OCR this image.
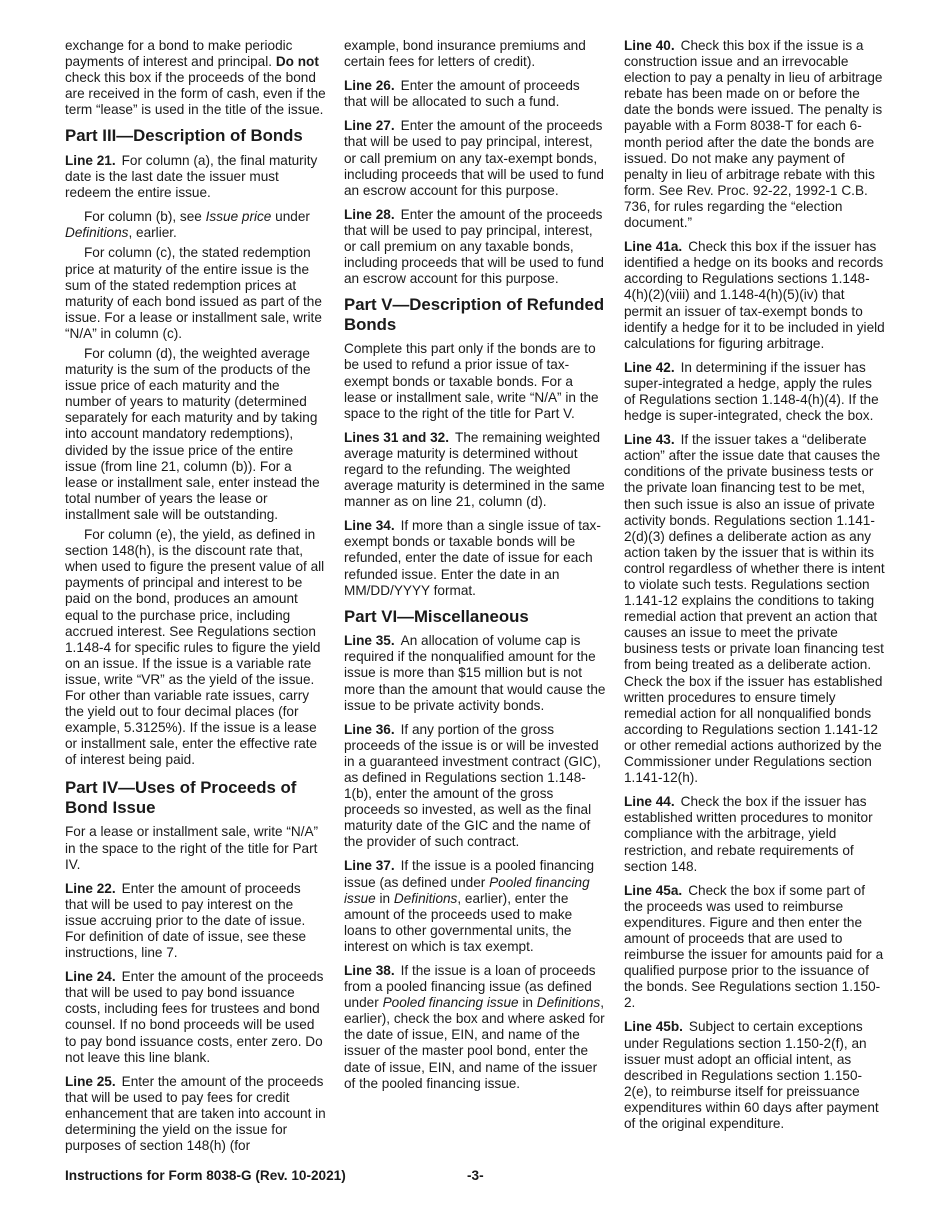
exchange for a bond to make periodic payments of interest and principal. Do not check this box if the proceeds of the bond are received in the form of cash, even if the term “lease” is used in the title of the issue.

Part III—Description of Bonds

Line 21. For column (a), the final maturity date is the last date the issuer must redeem the entire issue.

For column (b), see Issue price under Definitions, earlier.

For column (c), the stated redemption price at maturity of the entire issue is the sum of the stated redemption prices at maturity of each bond issued as part of the issue. For a lease or installment sale, write “N/A” in column (c).

For column (d), the weighted average maturity is the sum of the products of the issue price of each maturity and the number of years to maturity (determined separately for each maturity and by taking into account mandatory redemptions), divided by the issue price of the entire issue (from line 21, column (b)). For a lease or installment sale, enter instead the total number of years the lease or installment sale will be outstanding.

For column (e), the yield, as defined in section 148(h), is the discount rate that, when used to figure the present value of all payments of principal and interest to be paid on the bond, produces an amount equal to the purchase price, including accrued interest. See Regulations section 1.148-4 for specific rules to figure the yield on an issue. If the issue is a variable rate issue, write “VR” as the yield of the issue. For other than variable rate issues, carry the yield out to four decimal places (for example, 5.3125%). If the issue is a lease or installment sale, enter the effective rate of interest being paid.

Part IV—Uses of Proceeds of Bond Issue

For a lease or installment sale, write “N/A” in the space to the right of the title for Part IV.

Line 22. Enter the amount of proceeds that will be used to pay interest on the issue accruing prior to the date of issue. For definition of date of issue, see these instructions, line 7.

Line 24. Enter the amount of the proceeds that will be used to pay bond issuance costs, including fees for trustees and bond counsel. If no bond proceeds will be used to pay bond issuance costs, enter zero. Do not leave this line blank.

Line 25. Enter the amount of the proceeds that will be used to pay fees for credit enhancement that are taken into account in determining the yield on the issue for purposes of section 148(h) (for

example, bond insurance premiums and certain fees for letters of credit).

Line 26. Enter the amount of proceeds that will be allocated to such a fund.

Line 27. Enter the amount of the proceeds that will be used to pay principal, interest, or call premium on any tax-exempt bonds, including proceeds that will be used to fund an escrow account for this purpose.

Line 28. Enter the amount of the proceeds that will be used to pay principal, interest, or call premium on any taxable bonds, including proceeds that will be used to fund an escrow account for this purpose.

Part V—Description of Refunded Bonds

Complete this part only if the bonds are to be used to refund a prior issue of tax-exempt bonds or taxable bonds. For a lease or installment sale, write “N/A” in the space to the right of the title for Part V.

Lines 31 and 32. The remaining weighted average maturity is determined without regard to the refunding. The weighted average maturity is determined in the same manner as on line 21, column (d).

Line 34. If more than a single issue of tax-exempt bonds or taxable bonds will be refunded, enter the date of issue for each refunded issue. Enter the date in an MM/DD/YYYY format.

Part VI—Miscellaneous

Line 35. An allocation of volume cap is required if the nonqualified amount for the issue is more than $15 million but is not more than the amount that would cause the issue to be private activity bonds.

Line 36. If any portion of the gross proceeds of the issue is or will be invested in a guaranteed investment contract (GIC), as defined in Regulations section 1.148-1(b), enter the amount of the gross proceeds so invested, as well as the final maturity date of the GIC and the name of the provider of such contract.

Line 37. If the issue is a pooled financing issue (as defined under Pooled financing issue in Definitions, earlier), enter the amount of the proceeds used to make loans to other governmental units, the interest on which is tax exempt.

Line 38. If the issue is a loan of proceeds from a pooled financing issue (as defined under Pooled financing issue in Definitions, earlier), check the box and where asked for the date of issue, EIN, and name of the issuer of the master pool bond, enter the date of issue, EIN, and name of the issuer of the pooled financing issue.

Line 40. Check this box if the issue is a construction issue and an irrevocable election to pay a penalty in lieu of arbitrage rebate has been made on or before the date the bonds were issued. The penalty is payable with a Form 8038-T for each 6-month period after the date the bonds are issued. Do not make any payment of penalty in lieu of arbitrage rebate with this form. See Rev. Proc. 92-22, 1992-1 C.B. 736, for rules regarding the “election document.”

Line 41a. Check this box if the issuer has identified a hedge on its books and records according to Regulations sections 1.148-4(h)(2)(viii) and 1.148-4(h)(5)(iv) that permit an issuer of tax-exempt bonds to identify a hedge for it to be included in yield calculations for figuring arbitrage.

Line 42. In determining if the issuer has super-integrated a hedge, apply the rules of Regulations section 1.148-4(h)(4). If the hedge is super-integrated, check the box.

Line 43. If the issuer takes a “deliberate action” after the issue date that causes the conditions of the private business tests or the private loan financing test to be met, then such issue is also an issue of private activity bonds. Regulations section 1.141-2(d)(3) defines a deliberate action as any action taken by the issuer that is within its control regardless of whether there is intent to violate such tests. Regulations section 1.141-12 explains the conditions to taking remedial action that prevent an action that causes an issue to meet the private business tests or private loan financing test from being treated as a deliberate action. Check the box if the issuer has established written procedures to ensure timely remedial action for all nonqualified bonds according to Regulations section 1.141-12 or other remedial actions authorized by the Commissioner under Regulations section 1.141-12(h).

Line 44. Check the box if the issuer has established written procedures to monitor compliance with the arbitrage, yield restriction, and rebate requirements of section 148.

Line 45a. Check the box if some part of the proceeds was used to reimburse expenditures. Figure and then enter the amount of proceeds that are used to reimburse the issuer for amounts paid for a qualified purpose prior to the issuance of the bonds. See Regulations section 1.150-2.

Line 45b. Subject to certain exceptions under Regulations section 1.150-2(f), an issuer must adopt an official intent, as described in Regulations section 1.150-2(e), to reimburse itself for preissuance expenditures within 60 days after payment of the original expenditure.

Instructions for Form 8038-G (Rev. 10-2021)	-3-
